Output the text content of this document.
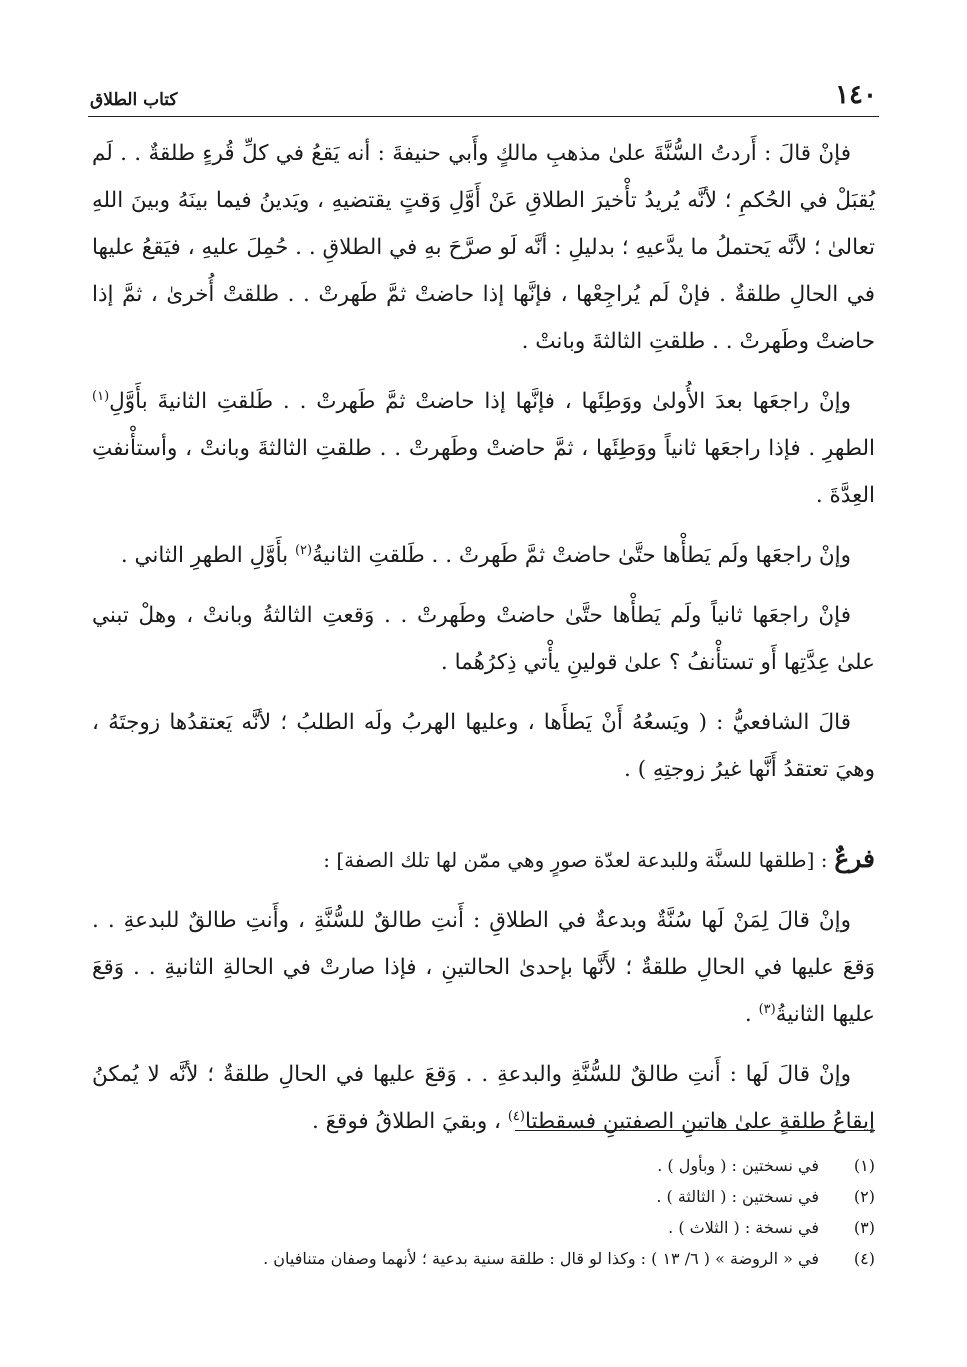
١٤٠
كتاب الطلاق

فإنْ قالَ : أَردتُ السُّنَّةَ علىٰ مذهبِ مالكٍ وأَبي حنيفةَ : أنه يَقعُ في كلِّ قُرءٍ طلقةٌ . . لَم يُقبَلْ في الحُكمِ ؛ لأنَّه يُريدُ تأْخيرَ الطلاقِ عَنْ أَوَّلِ وَقتٍ يقتضيهِ ، ويَدينُ فيما بينَهُ وبينَ اللهِ تعالىٰ ؛ لأنَّه يَحتملُ ما يدَّعيهِ ؛ بدليلِ : أنَّه لَو صرَّحَ بهِ في الطلاقِ . . حُمِلَ عليهِ ، فيَقعُ عليها في الحالِ طلقةٌ . فإنْ لَم يُراجِعْها ، فإنَّها إذا حاضتْ ثمَّ طَهرتْ . . طلقتْ أُخرىٰ ، ثمَّ إذا حاضتْ وطَهرتْ . . طلقتِ الثالثةَ وبانتْ .

وإنْ راجعَها بعدَ الأُولىٰ ووَطِئَها ، فإنَّها إذا حاضتْ ثمَّ طَهرتْ . . طَلقتِ الثانيةَ بأَوَّلِ$^{(١)}$ الطهرِ . فإذا راجعَها ثانياً ووَطِئَها ، ثمَّ حاضتْ وطَهرتْ . . طلقتِ الثالثةَ وبانتْ ، وأستأْنفتِ العِدَّةَ .

وإنْ راجعَها ولَم يَطأْها حتَّىٰ حاضتْ ثمَّ طَهرتْ . . طَلقتِ الثانيةُ$^{(٢)}$ بأَوَّلِ الطهرِ الثاني .

فإنْ راجعَها ثانياً ولَم يَطأْها حتَّىٰ حاضتْ وطَهرتْ . . وَقعتِ الثالثةُ وبانتْ ، وهلْ تبني علىٰ عِدَّتِها أَو تستأْنفُ ؟ علىٰ قولينِ يأْتي ذِكرُهُما .

قالَ الشافعيُّ : ( ويَسعُهُ أَنْ يَطأَها ، وعليها الهربُ ولَه الطلبُ ؛ لأنَّه يَعتقدُها زوجتَهُ ، وهيَ تعتقدُ أَنَّها غيرُ زوجتِهِ ) .

فرعٌ : [طلقها للسنَّة وللبدعة لعدّة صورٍ وهي ممّن لها تلك الصفة] :

وإنْ قالَ لِمَنْ لَها سُنَّةٌ وبدعةٌ في الطلاقِ : أَنتِ طالقٌ للسُّنَّةِ ، وأَنتِ طالقٌ للبدعةِ . . وَقعَ عليها في الحالِ طلقةٌ ؛ لأَنَّها بإحدىٰ الحالتينِ ، فإذا صارتْ في الحالةِ الثانيةِ . . وَقعَ عليها الثانيةُ$^{(٣)}$ .

وإنْ قالَ لَها : أَنتِ طالقٌ للسُّنَّةِ والبدعةِ . . وَقعَ عليها في الحالِ طلقةٌ ؛ لأنَّه لا يُمكنُ إيقاعُ طلقةٍ علىٰ هاتينِ الصفتينِ فسقطتا$^{(٤)}$ ، وبقيَ الطلاقُ فوقعَ .

(١)
في نسختين : ( وبأول ) .
(٢)
في نسختين : ( الثالثة ) .
(٣)
في نسخة : ( الثلاث ) .
(٤)
في « الروضة » ( ٦/ ١٣ ) : وكذا لو قال : طلقة سنية بدعية ؛ لأنهما وصفان متنافيان .
